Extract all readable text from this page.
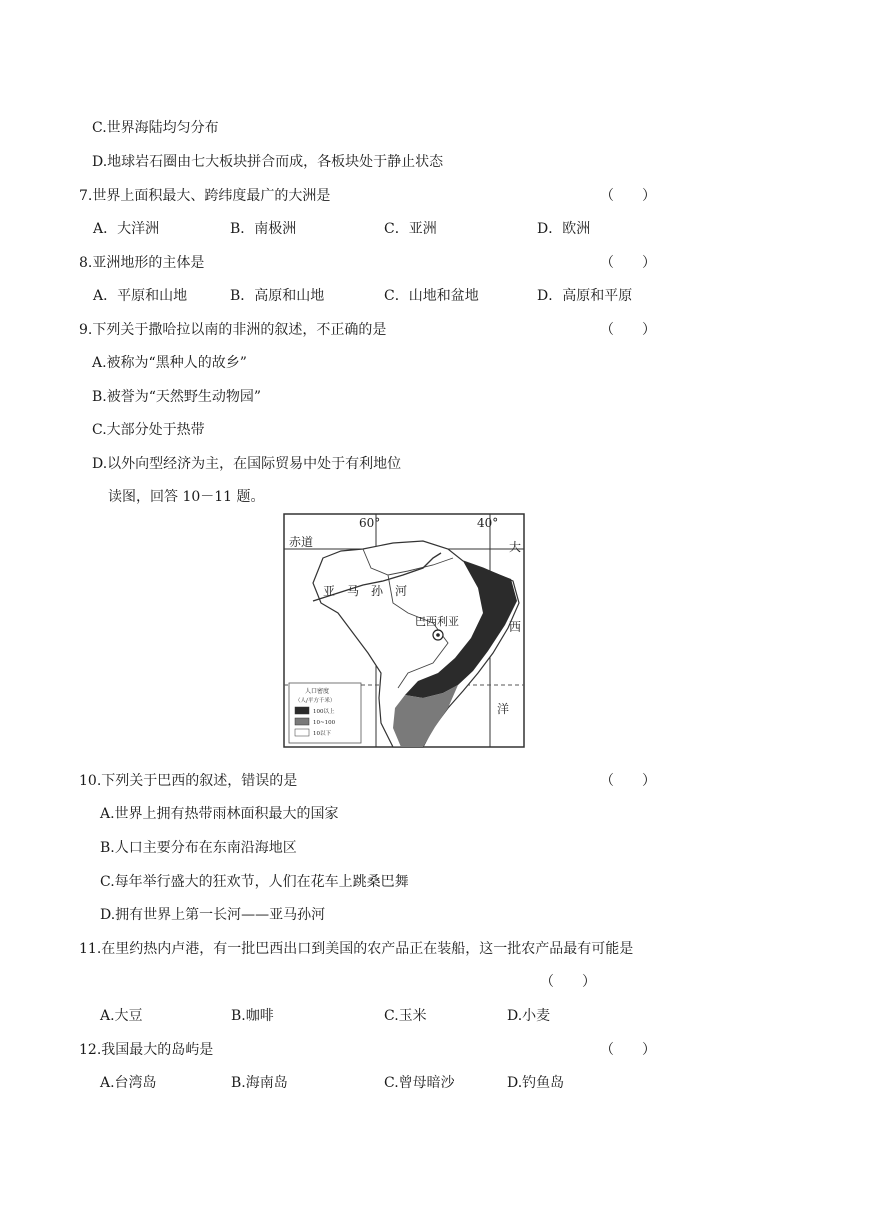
C.世界海陆均匀分布
D.地球岩石圈由七大板块拼合而成，各板块处于静止状态
7.世界上面积最大、跨纬度最广的大洲是	（　　）
A．大洋洲	B．南极洲	C．亚洲	D．欧洲
8.亚洲地形的主体是	（　　）
A．平原和山地	B．高原和山地	C．山地和盆地	D．高原和平原
9.下列关于撒哈拉以南的非洲的叙述，不正确的是	（　　）
A.被称为“黑种人的故乡”
B.被誉为“天然野生动物园”
C.大部分处于热带
D.以外向型经济为主，在国际贸易中处于有利地位
读图，回答 10－11 题。
60°	40°
赤道
亚　马　孙　河
巴西利亚
大
西
洋
人口密度
（人/平方千米）
100以上
10~100
10以下
10.下列关于巴西的叙述，错误的是	（　　）
A.世界上拥有热带雨林面积最大的国家
B.人口主要分布在东南沿海地区
C.每年举行盛大的狂欢节，人们在花车上跳桑巴舞
D.拥有世界上第一长河——亚马孙河
11.在里约热内卢港，有一批巴西出口到美国的农产品正在装船，这一批农产品最有可能是
（　　）
A.大豆	B.咖啡	C.玉米	D.小麦
12.我国最大的岛屿是	（　　）
A.台湾岛	B.海南岛	C.曾母暗沙	D.钓鱼岛
